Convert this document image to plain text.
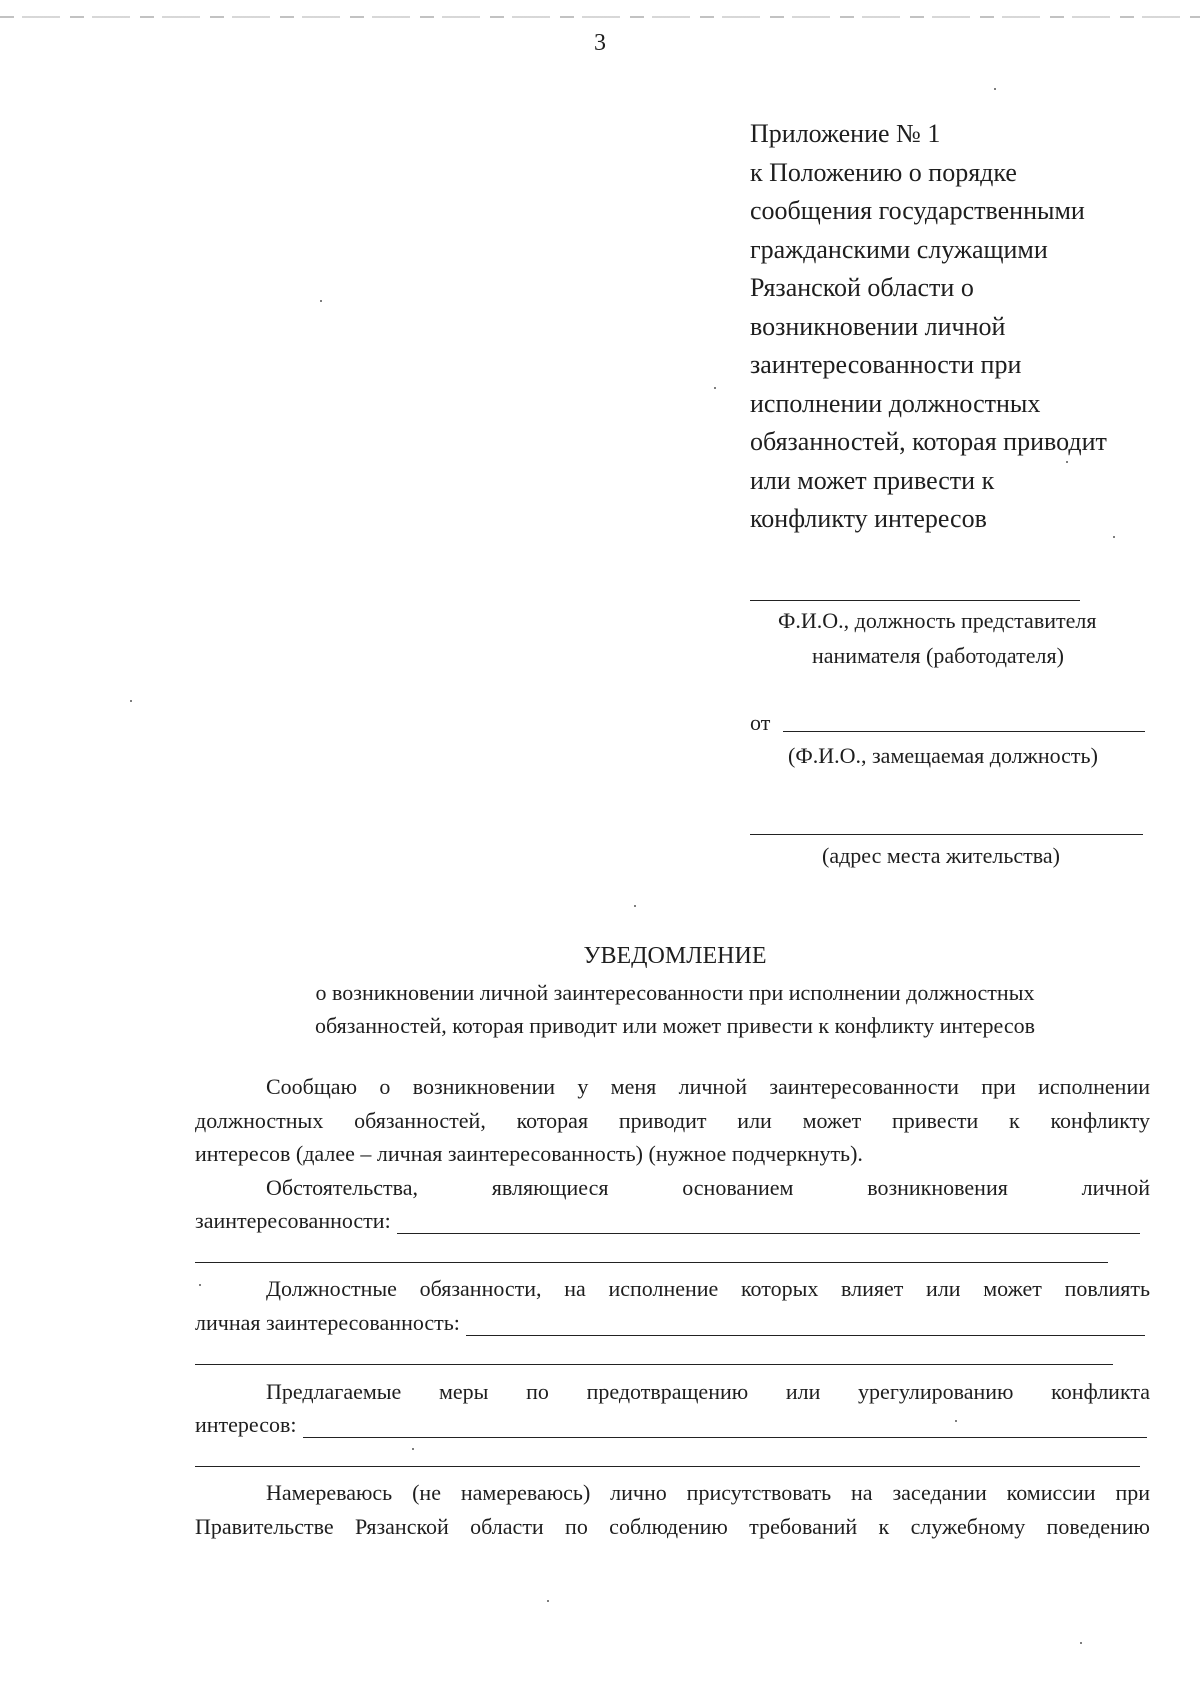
3
Приложение № 1
к Положению о порядке
сообщения государственными
гражданскими служащими
Рязанской области о
возникновении личной
заинтересованности при
исполнении должностных
обязанностей, которая приводит
или может привести к
конфликту интересов
Ф.И.О., должность представителя
нанимателя (работодателя)
от
(Ф.И.О., замещаемая должность)
(адрес места жительства)
УВЕДОМЛЕНИЕ
о возникновении личной заинтересованности при исполнении должностных
обязанностей, которая приводит или может привести к конфликту интересов
Сообщаю о возникновении у меня личной заинтересованности при исполнении
должностных обязанностей, которая приводит или может привести к конфликту
интересов (далее – личная заинтересованность) (нужное подчеркнуть).
Обстоятельства, являющиеся основанием возникновения личной
заинтересованности:
Должностные обязанности, на исполнение которых влияет или может повлиять
личная заинтересованность:
Предлагаемые меры по предотвращению или урегулированию конфликта
интересов:
Намереваюсь (не намереваюсь) лично присутствовать на заседании комиссии при
Правительстве Рязанской области по соблюдению требований к служебному поведению
